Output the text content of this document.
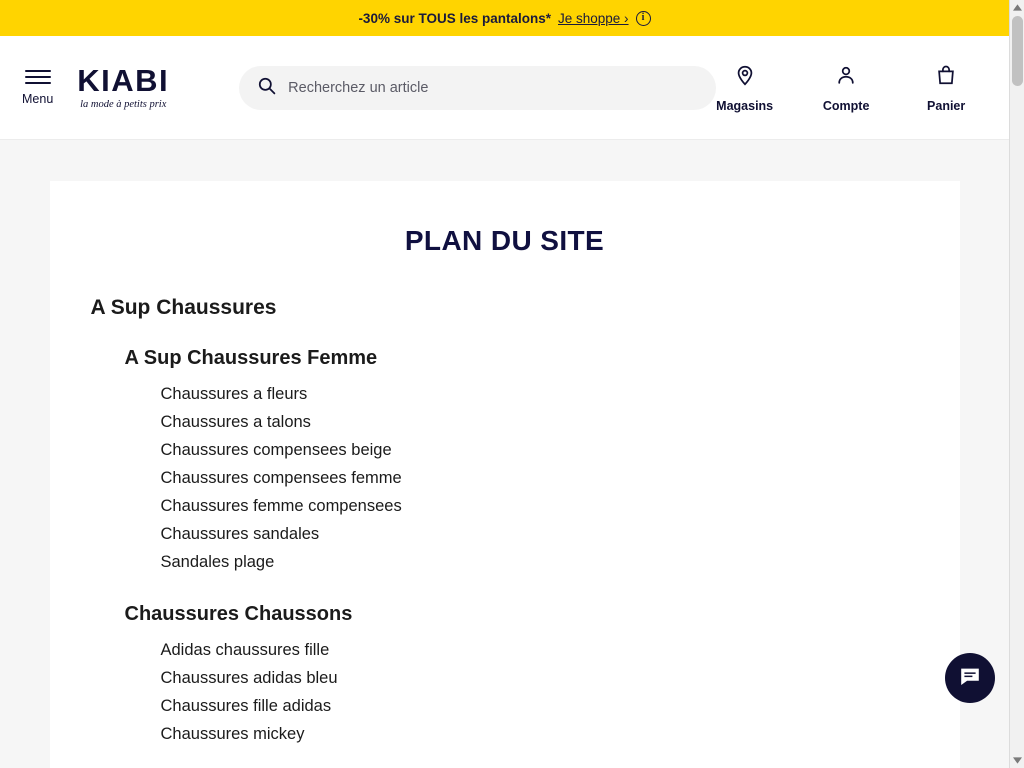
-30% sur TOUS les pantalons* Je shoppe ›	i
Menu
KIABI
la mode à petits prix
Recherchez un article	Magasins	Compte	Panier
PLAN DU SITE
A Sup Chaussures
A Sup Chaussures Femme
Chaussures a fleurs
Chaussures a talons
Chaussures compensees beige
Chaussures compensees femme
Chaussures femme compensees
Chaussures sandales
Sandales plage
Chaussures Chaussons
Adidas chaussures fille
Chaussures adidas bleu
Chaussures fille adidas
Chaussures mickey
